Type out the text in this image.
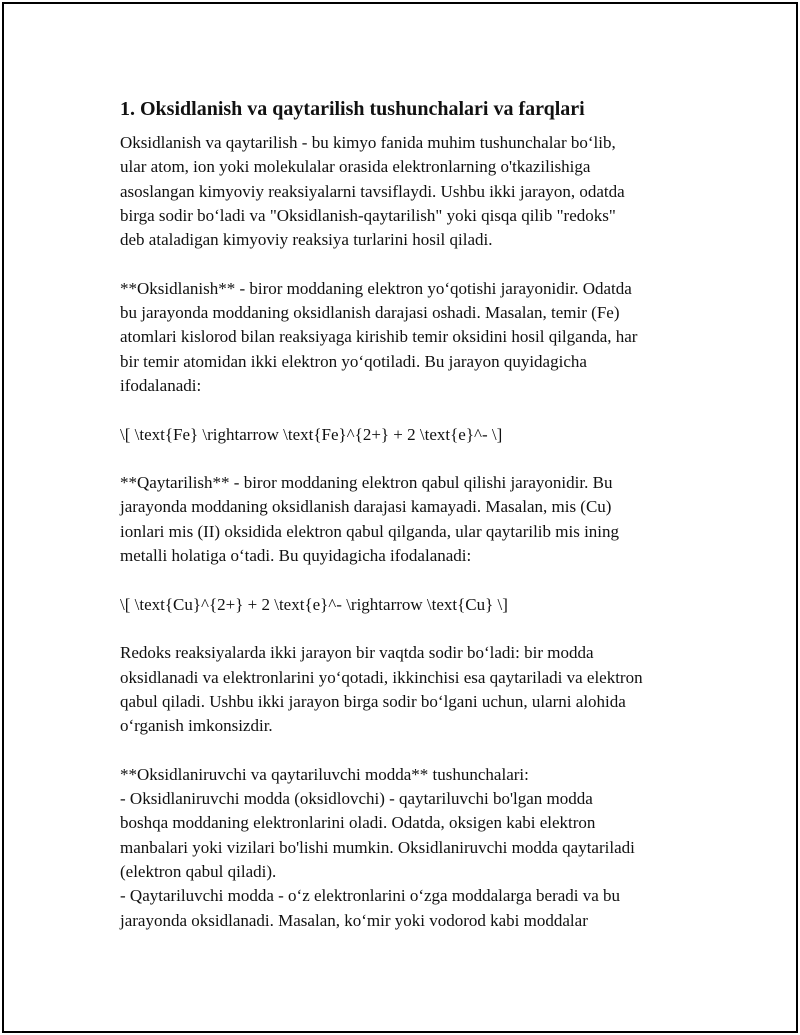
1. Oksidlanish va qaytarilish tushunchalari va farqlari
Oksidlanish va qaytarilish - bu kimyo fanida muhim tushunchalar bo‘lib,
ular atom, ion yoki molekulalar orasida elektronlarning o'tkazilishiga
asoslangan kimyoviy reaksiyalarni tavsiflaydi. Ushbu ikki jarayon, odatda
birga sodir bo‘ladi va "Oksidlanish-qaytarilish" yoki qisqa qilib "redoks"
deb ataladigan kimyoviy reaksiya turlarini hosil qiladi.
**Oksidlanish** - biror moddaning elektron yo‘qotishi jarayonidir. Odatda
bu jarayonda moddaning oksidlanish darajasi oshadi. Masalan, temir (Fe)
atomlari kislorod bilan reaksiyaga kirishib temir oksidini hosil qilganda, har
bir temir atomidan ikki elektron yo‘qotiladi. Bu jarayon quyidagicha
ifodalanadi:
\[ \text{Fe} \rightarrow \text{Fe}^{2+} + 2 \text{e}^- \]
**Qaytarilish** - biror moddaning elektron qabul qilishi jarayonidir. Bu
jarayonda moddaning oksidlanish darajasi kamayadi. Masalan, mis (Cu)
ionlari mis (II) oksidida elektron qabul qilganda, ular qaytarilib mis ining
metalli holatiga o‘tadi. Bu quyidagicha ifodalanadi:
\[ \text{Cu}^{2+} + 2 \text{e}^- \rightarrow \text{Cu} \]
Redoks reaksiyalarda ikki jarayon bir vaqtda sodir bo‘ladi: bir modda
oksidlanadi va elektronlarini yo‘qotadi, ikkinchisi esa qaytariladi va elektron
qabul qiladi. Ushbu ikki jarayon birga sodir bo‘lgani uchun, ularni alohida
o‘rganish imkonsizdir.
**Oksidlaniruvchi va qaytariluvchi modda** tushunchalari:
- Oksidlaniruvchi modda (oksidlovchi) - qaytariluvchi bo'lgan modda
boshqa moddaning elektronlarini oladi. Odatda, oksigen kabi elektron
manbalari yoki vizilari bo'lishi mumkin. Oksidlaniruvchi modda qaytariladi
(elektron qabul qiladi).
- Qaytariluvchi modda - o‘z elektronlarini o‘zga moddalarga beradi va bu
jarayonda oksidlanadi. Masalan, ko‘mir yoki vodorod kabi moddalar
